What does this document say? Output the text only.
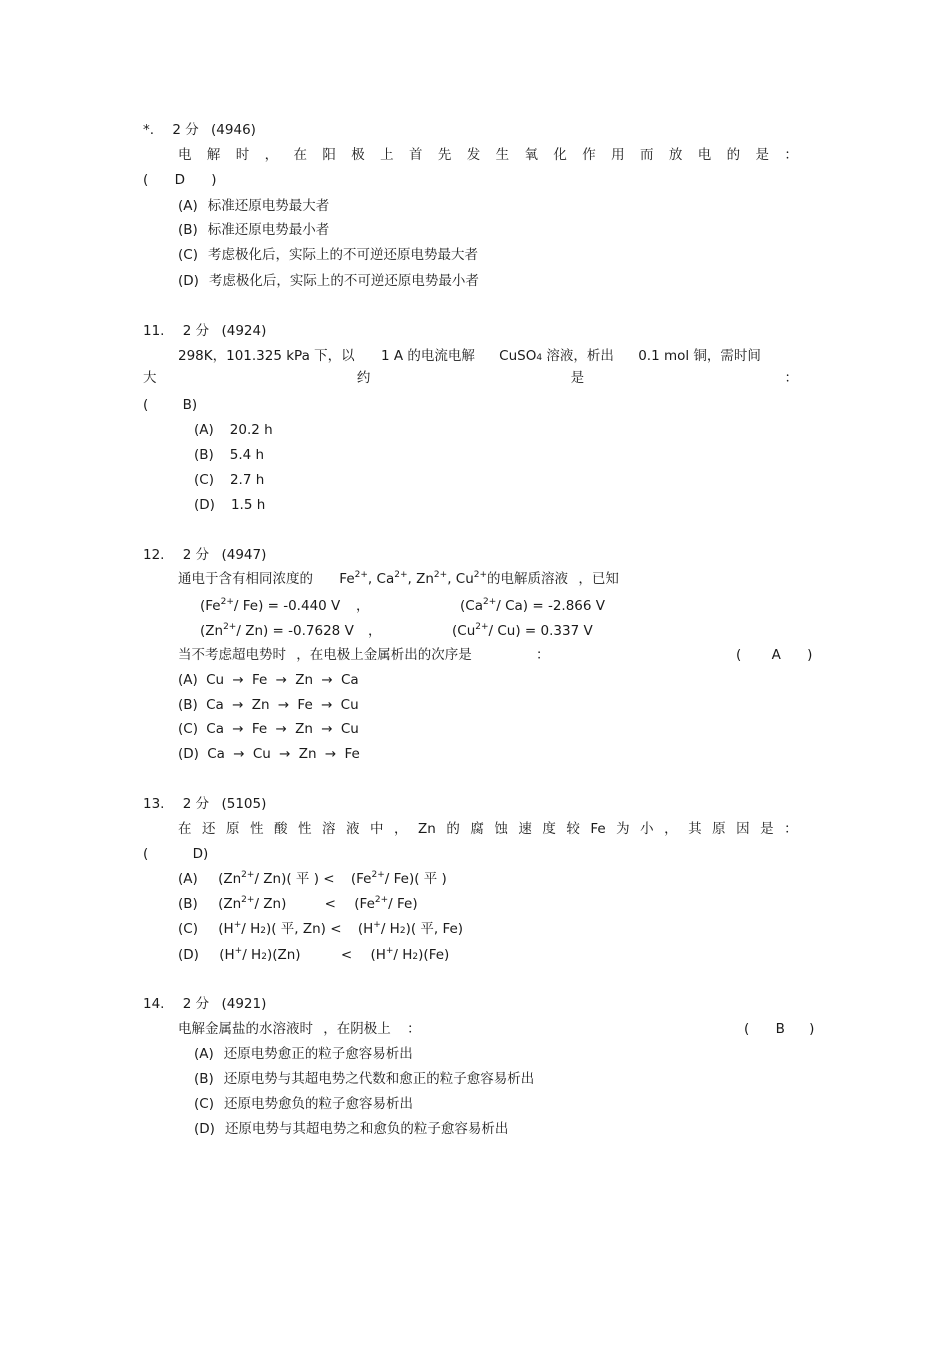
*. 2 分 (4946)
电 解 时 ， 在 阳 极 上 首 先 发 生 氧 化 作 用 而 放 电 的 是 ：
( D )
(A) 标准还原电势最大者
(B) 标准还原电势最小者
(C) 考虑极化后，实际上的不可逆还原电势最大者
(D) 考虑极化后，实际上的不可逆还原电势最小者
11. 2 分 (4924)
298K，101.325 kPa 下，以 1 A 的电流电解 CuSO4 溶液，析出 0.1 mol 铜，需时间
大	约	是	：
(	B)
(A) 20.2 h
(B) 5.4 h
(C) 2.7 h
(D) 1.5 h
12. 2 分 (4947)
通电于含有相同浓度的 $Fe^{2+}$, $Ca^{2+}$, $Zn^{2+}$, $Cu^{2+}$的电解质溶液 ，已知
($Fe^{2+}/$ Fe) = -0.440 V ，	($Ca^{2+}/$ Ca) = -2.866 V
($Zn^{2+}/$ Zn) = -0.7628 V ，	($Cu^{2+}/$ Cu) = 0.337 V
当不考虑超电势时 ，在电极上金属析出的次序是	：	( A )
(A) Cu → Fe → Zn → Ca
(B) Ca → Zn → Fe → Cu
(C) Ca → Fe → Zn → Cu
(D) Ca → Cu → Zn → Fe
13. 2 分 (5105)
在 还 原 性 酸 性 溶 液 中 ， Zn 的 腐 蚀 速 度 较 Fe 为 小 ， 其 原 因 是 ：
(	D)
(A) ($Zn^{2+}/$ Zn)( 平 ) < ($Fe^{2+}/$ Fe)( 平 )
(B) ($Zn^{2+}/$ Zn)	< ($Fe^{2+}/$ Fe)
(C) (H+/ H2)( 平, Zn) < (H+/ H2)( 平, Fe)
(D) (H+/ H2)(Zn)	< (H+/ H2)(Fe)
14. 2 分 (4921)
电解金属盐的水溶液时 ，在阴极上 ：	( B )
(A) 还原电势愈正的粒子愈容易析出
(B) 还原电势与其超电势之代数和愈正的粒子愈容易析出
(C) 还原电势愈负的粒子愈容易析出
(D) 还原电势与其超电势之和愈负的粒子愈容易析出
